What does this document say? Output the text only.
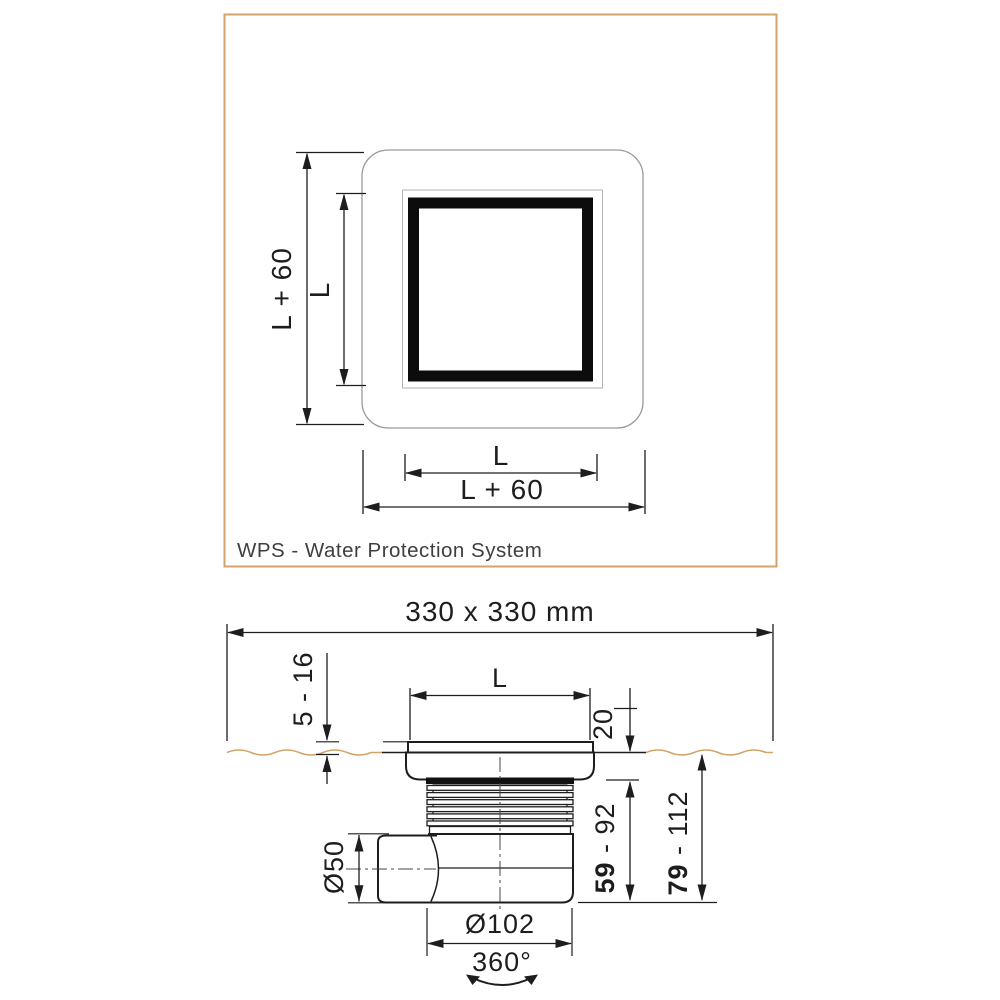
L + 60 L
L
L + 60
WPS - Water Protection System
330 x 330 mm
L
5 - 16	20
Ø50	59 - 92
79 - 112
Ø102
360°
